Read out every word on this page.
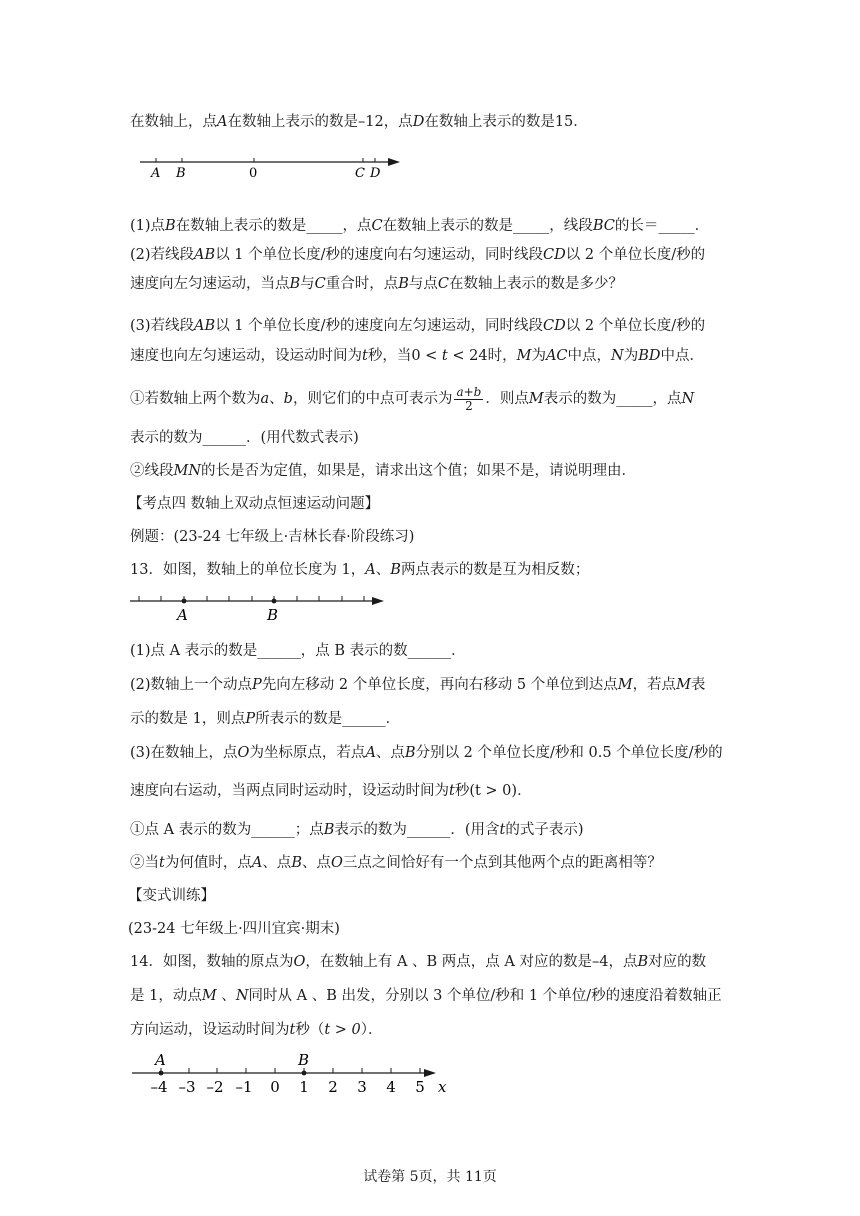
在数轴上，点A在数轴上表示的数是–12，点D在数轴上表示的数是15．
A B	0	C D
(1)点B在数轴上表示的数是_____，点C在数轴上表示的数是_____，线段BC的长＝_____．
(2)若线段AB以 1 个单位长度/秒的速度向右匀速运动，同时线段CD以 2 个单位长度/秒的
速度向左匀速运动，当点B与C重合时，点B与点C在数轴上表示的数是多少？
(3)若线段AB以 1 个单位长度/秒的速度向左匀速运动，同时线段CD以 2 个单位长度/秒的
速度也向左匀速运动，设运动时间为t秒，当0 < t < 24时，M为AC中点，N为BD中点．
①若数轴上两个数为a、b，则它们的中点可表示为 $\frac{a+b}{2}$ ．则点M表示的数为_____，点N
表示的数为______．(用代数式表示)
②线段MN的长是否为定值，如果是，请求出这个值；如果不是，请说明理由．
【考点四 数轴上双动点恒速运动问题】
例题：(23-24 七年级上·吉林长春·阶段练习)
13．如图，数轴上的单位长度为 1，A、B两点表示的数是互为相反数；
A	B
(1)点 A 表示的数是______，点 B 表示的数______．
(2)数轴上一个动点P先向左移动 2 个单位长度，再向右移动 5 个单位到达点M，若点M表
示的数是 1，则点P所表示的数是______．
(3)在数轴上，点O为坐标原点，若点A、点B分别以 2 个单位长度/秒和 0.5 个单位长度/秒的
速度向右运动，当两点同时运动时，设运动时间为t秒(t > 0)．
①点 A 表示的数为______；点B表示的数为______．(用含t的式子表示)
②当t为何值时，点A、点B、点O三点之间恰好有一个点到其他两个点的距离相等？
【变式训练】
(23-24 七年级上·四川宜宾·期末)
14．如图，数轴的原点为O，在数轴上有 A 、B 两点，点 A 对应的数是–4，点B对应的数
是 1，动点M 、N同时从 A 、B 出发，分别以 3 个单位/秒和 1 个单位/秒的速度沿着数轴正
方向运动，设运动时间为t秒（t > 0）．
A	B
–4 –3 –2 –1 0 1 2 3 4 5 x
试卷第 5页，共 11页
